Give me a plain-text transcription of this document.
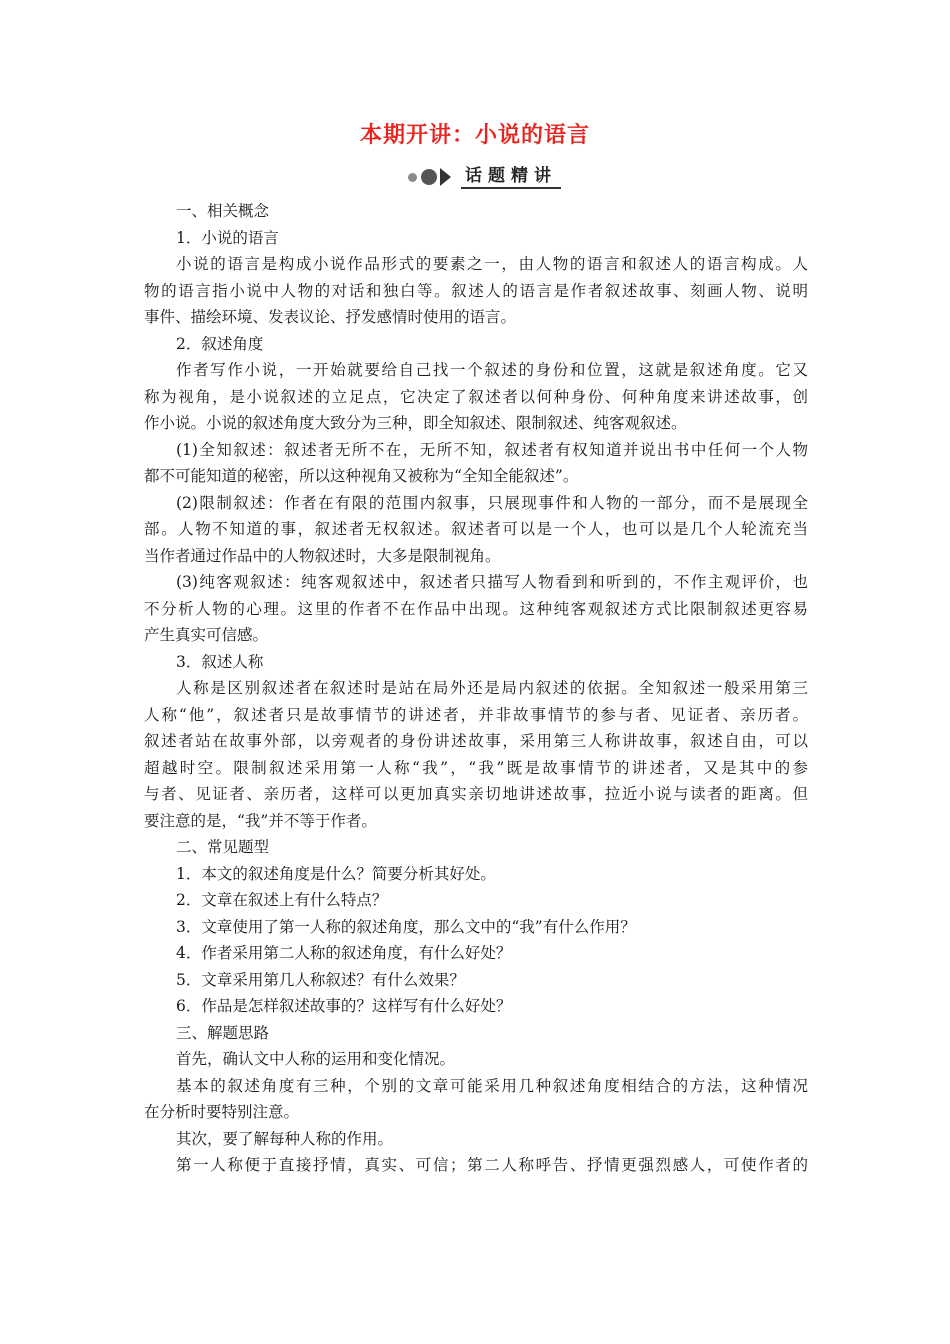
本期开讲：小说的语言
话题精讲
一、相关概念
1．小说的语言
小说的语言是构成小说作品形式的要素之一，由人物的语言和叙述人的语言构成。人
物的语言指小说中人物的对话和独白等。叙述人的语言是作者叙述故事、刻画人物、说明
事件、描绘环境、发表议论、抒发感情时使用的语言。
2．叙述角度
作者写作小说，一开始就要给自己找一个叙述的身份和位置，这就是叙述角度。它又
称为视角，是小说叙述的立足点，它决定了叙述者以何种身份、何种角度来讲述故事，创
作小说。小说的叙述角度大致分为三种，即全知叙述、限制叙述、纯客观叙述。
(1)全知叙述：叙述者无所不在，无所不知，叙述者有权知道并说出书中任何一个人物
都不可能知道的秘密，所以这种视角又被称为“全知全能叙述”。
(2)限制叙述：作者在有限的范围内叙事，只展现事件和人物的一部分，而不是展现全
部。人物不知道的事，叙述者无权叙述。叙述者可以是一个人，也可以是几个人轮流充当
当作者通过作品中的人物叙述时，大多是限制视角。
(3)纯客观叙述：纯客观叙述中，叙述者只描写人物看到和听到的，不作主观评价，也
不分析人物的心理。这里的作者不在作品中出现。这种纯客观叙述方式比限制叙述更容易
产生真实可信感。
3．叙述人称
人称是区别叙述者在叙述时是站在局外还是局内叙述的依据。全知叙述一般采用第三
人称“他”，叙述者只是故事情节的讲述者，并非故事情节的参与者、见证者、亲历者。
叙述者站在故事外部，以旁观者的身份讲述故事，采用第三人称讲故事，叙述自由，可以
超越时空。限制叙述采用第一人称“我”，“我”既是故事情节的讲述者，又是其中的参
与者、见证者、亲历者，这样可以更加真实亲切地讲述故事，拉近小说与读者的距离。但
要注意的是，“我”并不等于作者。
二、常见题型
1．本文的叙述角度是什么？简要分析其好处。
2．文章在叙述上有什么特点？
3．文章使用了第一人称的叙述角度，那么文中的“我”有什么作用？
4．作者采用第二人称的叙述角度，有什么好处？
5．文章采用第几人称叙述？有什么效果？
6．作品是怎样叙述故事的？这样写有什么好处？
三、解题思路
首先，确认文中人称的运用和变化情况。
基本的叙述角度有三种，个别的文章可能采用几种叙述角度相结合的方法，这种情况
在分析时要特别注意。
其次，要了解每种人称的作用。
第一人称便于直接抒情，真实、可信；第二人称呼告、抒情更强烈感人，可使作者的
